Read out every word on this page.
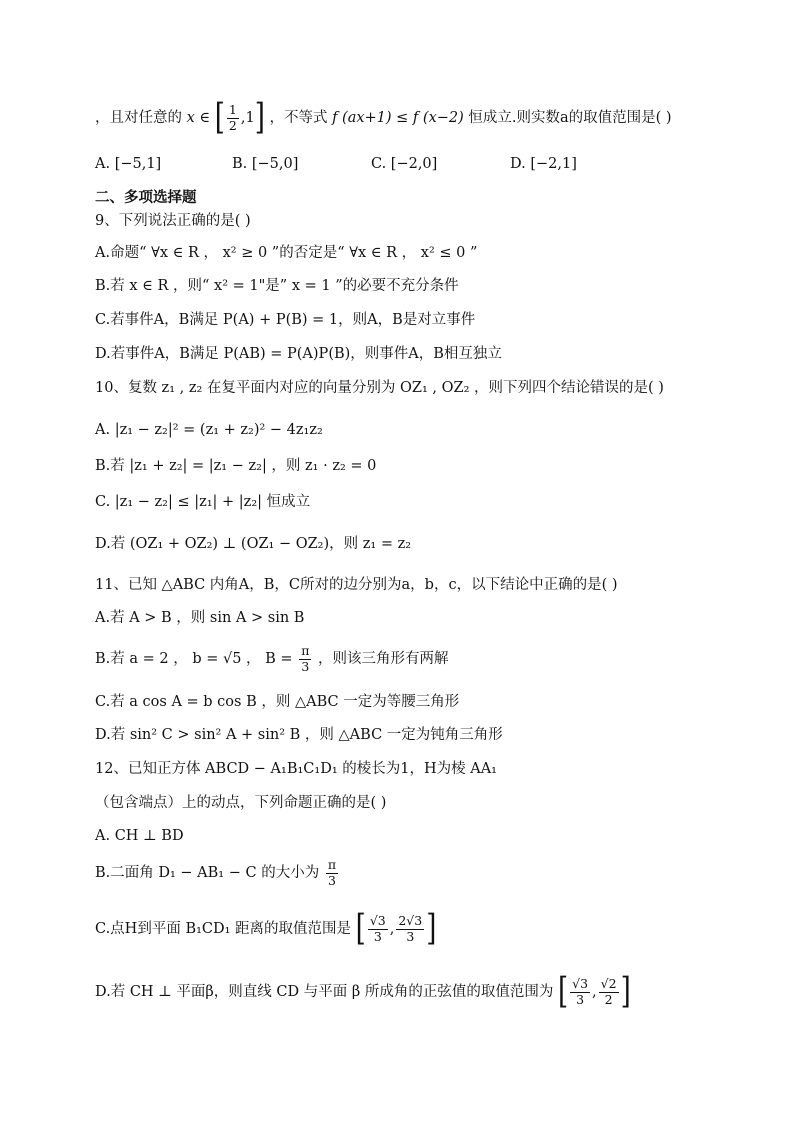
，且对任意的 x ∈ [ $\frac{1}{2} ,1$] ，不等式 f (ax+1) ≤ f (x−2) 恒成立.则实数a的取值范围是( )
A. [−5,1]	B. [−5,0]	C. [−2,0]	D. [−2,1]
二、多项选择题
9、下列说法正确的是( )
A.命题“ ∀x ∈ R ， x² ≥ 0 ”的否定是“ ∀x ∈ R ， x² ≤ 0 ”
B.若 x ∈ R ，则“ x² = 1"是” x = 1 ”的必要不充分条件
C.若事件A，B满足 P(A) + P(B) = 1，则A，B是对立事件
D.若事件A，B满足 P(AB) = P(A)P(B)，则事件A，B相互独立
10、复数 z₁ , z₂ 在复平面内对应的向量分别为 OZ₁ , OZ₂ ，则下列四个结论错误的是( )
A. |z₁ − z₂|² = (z₁ + z₂)² − 4z₁z₂
B.若 |z₁ + z₂| = |z₁ − z₂| ，则 z₁ · z₂ = 0
C. |z₁ − z₂| ≤ |z₁| + |z₂| 恒成立
D.若 (OZ₁ + OZ₂) ⊥ (OZ₁ − OZ₂)，则 z₁ = z₂
11、已知 △ABC 内角A，B，C所对的边分别为a，b，c，以下结论中正确的是( )
A.若 A > B ，则 sin A > sin B
B.若 a = 2 ， b = √5 ， $B = \frac{\pi}{3}$ ，则该三角形有两解
C.若 a cos A = b cos B ，则 △ABC 一定为等腰三角形
D.若 sin² C > sin² A + sin² B ，则 △ABC 一定为钝角三角形
12、已知正方体 ABCD − A₁B₁C₁D₁ 的棱长为1，H为棱 AA₁
（包含端点）上的动点，下列命题正确的是( )
A. CH ⊥ BD
B.二面角 D₁ − AB₁ − C 的大小为 $\frac{\pi}{3}$
C.点H到平面 B₁CD₁ 距离的取值范围是 [ $\frac{√3}{3}$ , $\frac{2√3}{3}$ ]
D.若 CH ⊥ 平面β，则直线 CD 与平面 β 所成角的正弦值的取值范围为 [ $\frac{√3}{3}$ , $\frac{√2}{2}$ ]
